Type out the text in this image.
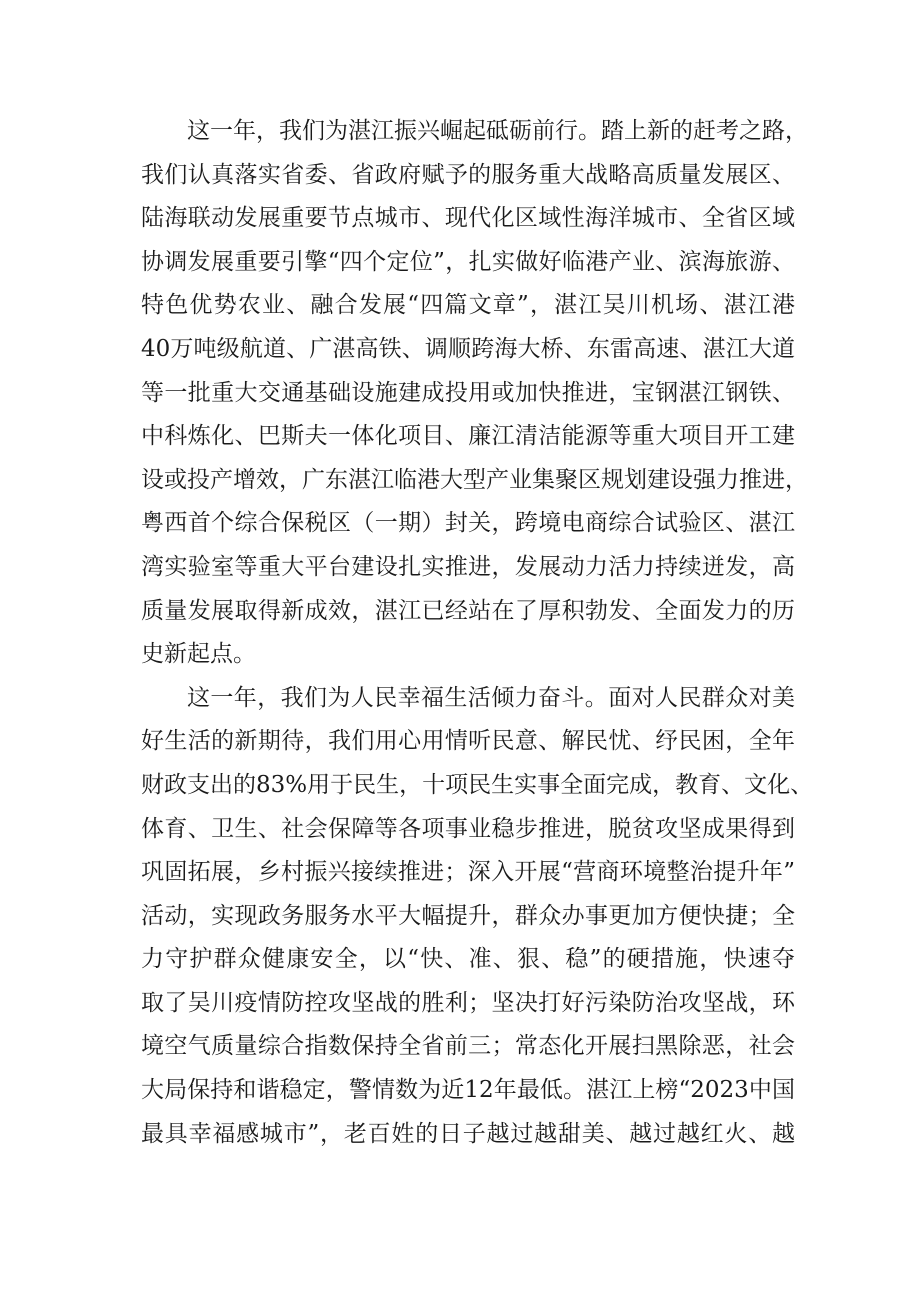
这一年，我们为湛江振兴崛起砥砺前行。踏上新的赶考之路，
我们认真落实省委、省政府赋予的服务重大战略高质量发展区、
陆海联动发展重要节点城市、现代化区域性海洋城市、全省区域
协调发展重要引擎“四个定位”，扎实做好临港产业、滨海旅游、
特色优势农业、融合发展“四篇文章”，湛江吴川机场、湛江港
40万吨级航道、广湛高铁、调顺跨海大桥、东雷高速、湛江大道
等一批重大交通基础设施建成投用或加快推进，宝钢湛江钢铁、
中科炼化、巴斯夫一体化项目、廉江清洁能源等重大项目开工建
设或投产增效，广东湛江临港大型产业集聚区规划建设强力推进，
粤西首个综合保税区（一期）封关，跨境电商综合试验区、湛江
湾实验室等重大平台建设扎实推进，发展动力活力持续迸发，高
质量发展取得新成效，湛江已经站在了厚积勃发、全面发力的历
史新起点。
这一年，我们为人民幸福生活倾力奋斗。面对人民群众对美
好生活的新期待，我们用心用情听民意、解民忧、纾民困，全年
财政支出的83%用于民生，十项民生实事全面完成，教育、文化、
体育、卫生、社会保障等各项事业稳步推进，脱贫攻坚成果得到
巩固拓展，乡村振兴接续推进；深入开展“营商环境整治提升年”
活动，实现政务服务水平大幅提升，群众办事更加方便快捷；全
力守护群众健康安全，以“快、准、狠、稳”的硬措施，快速夺
取了吴川疫情防控攻坚战的胜利；坚决打好污染防治攻坚战，环
境空气质量综合指数保持全省前三；常态化开展扫黑除恶，社会
大局保持和谐稳定，警情数为近12年最低。湛江上榜“2023中国
最具幸福感城市”，老百姓的日子越过越甜美、越过越红火、越
